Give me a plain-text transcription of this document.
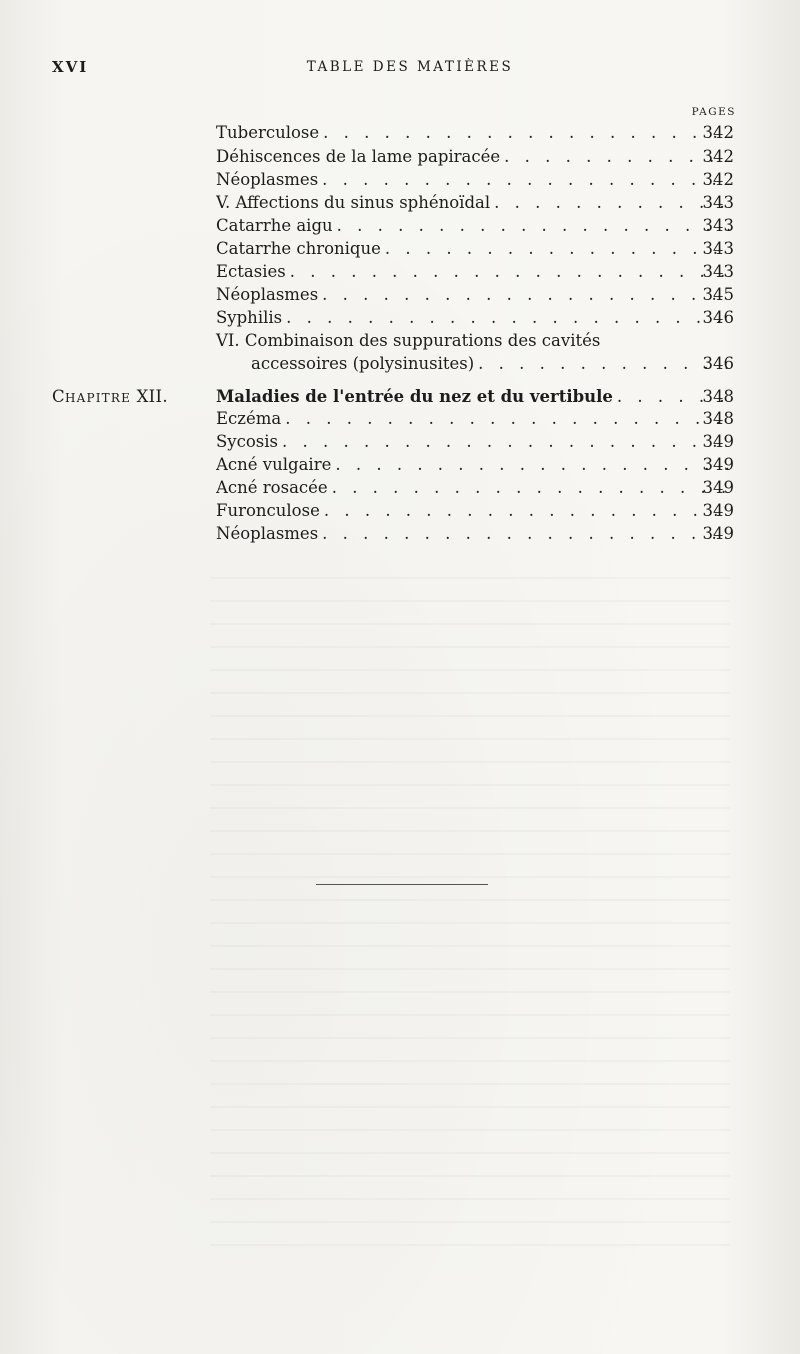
XVI	TABLE DES MATIÈRES
PAGES
Tuberculose . . .	342
Déhiscences de la lame papiracée . . .	342
Néoplasmes . . .	342
V. Affections du sinus sphénoïdal . . .	343
Catarrhe aigu . . .	343
Catarrhe chronique . . .	343
Ectasies . . .	343
Néoplasmes . . .	345
Syphilis . . .	346
VI. Combinaison des suppurations des cavités
accessoires (polysinusites) . . .	346
CHAPITRE XII.	Maladies de l'entrée du nez et du vertibule . . .	348
Eczéma . . .	348
Sycosis . . .	349
Acné vulgaire . . .	349
Acné rosacée . . .	349
Furonculose . . .	349
Néoplasmes . . .	349
